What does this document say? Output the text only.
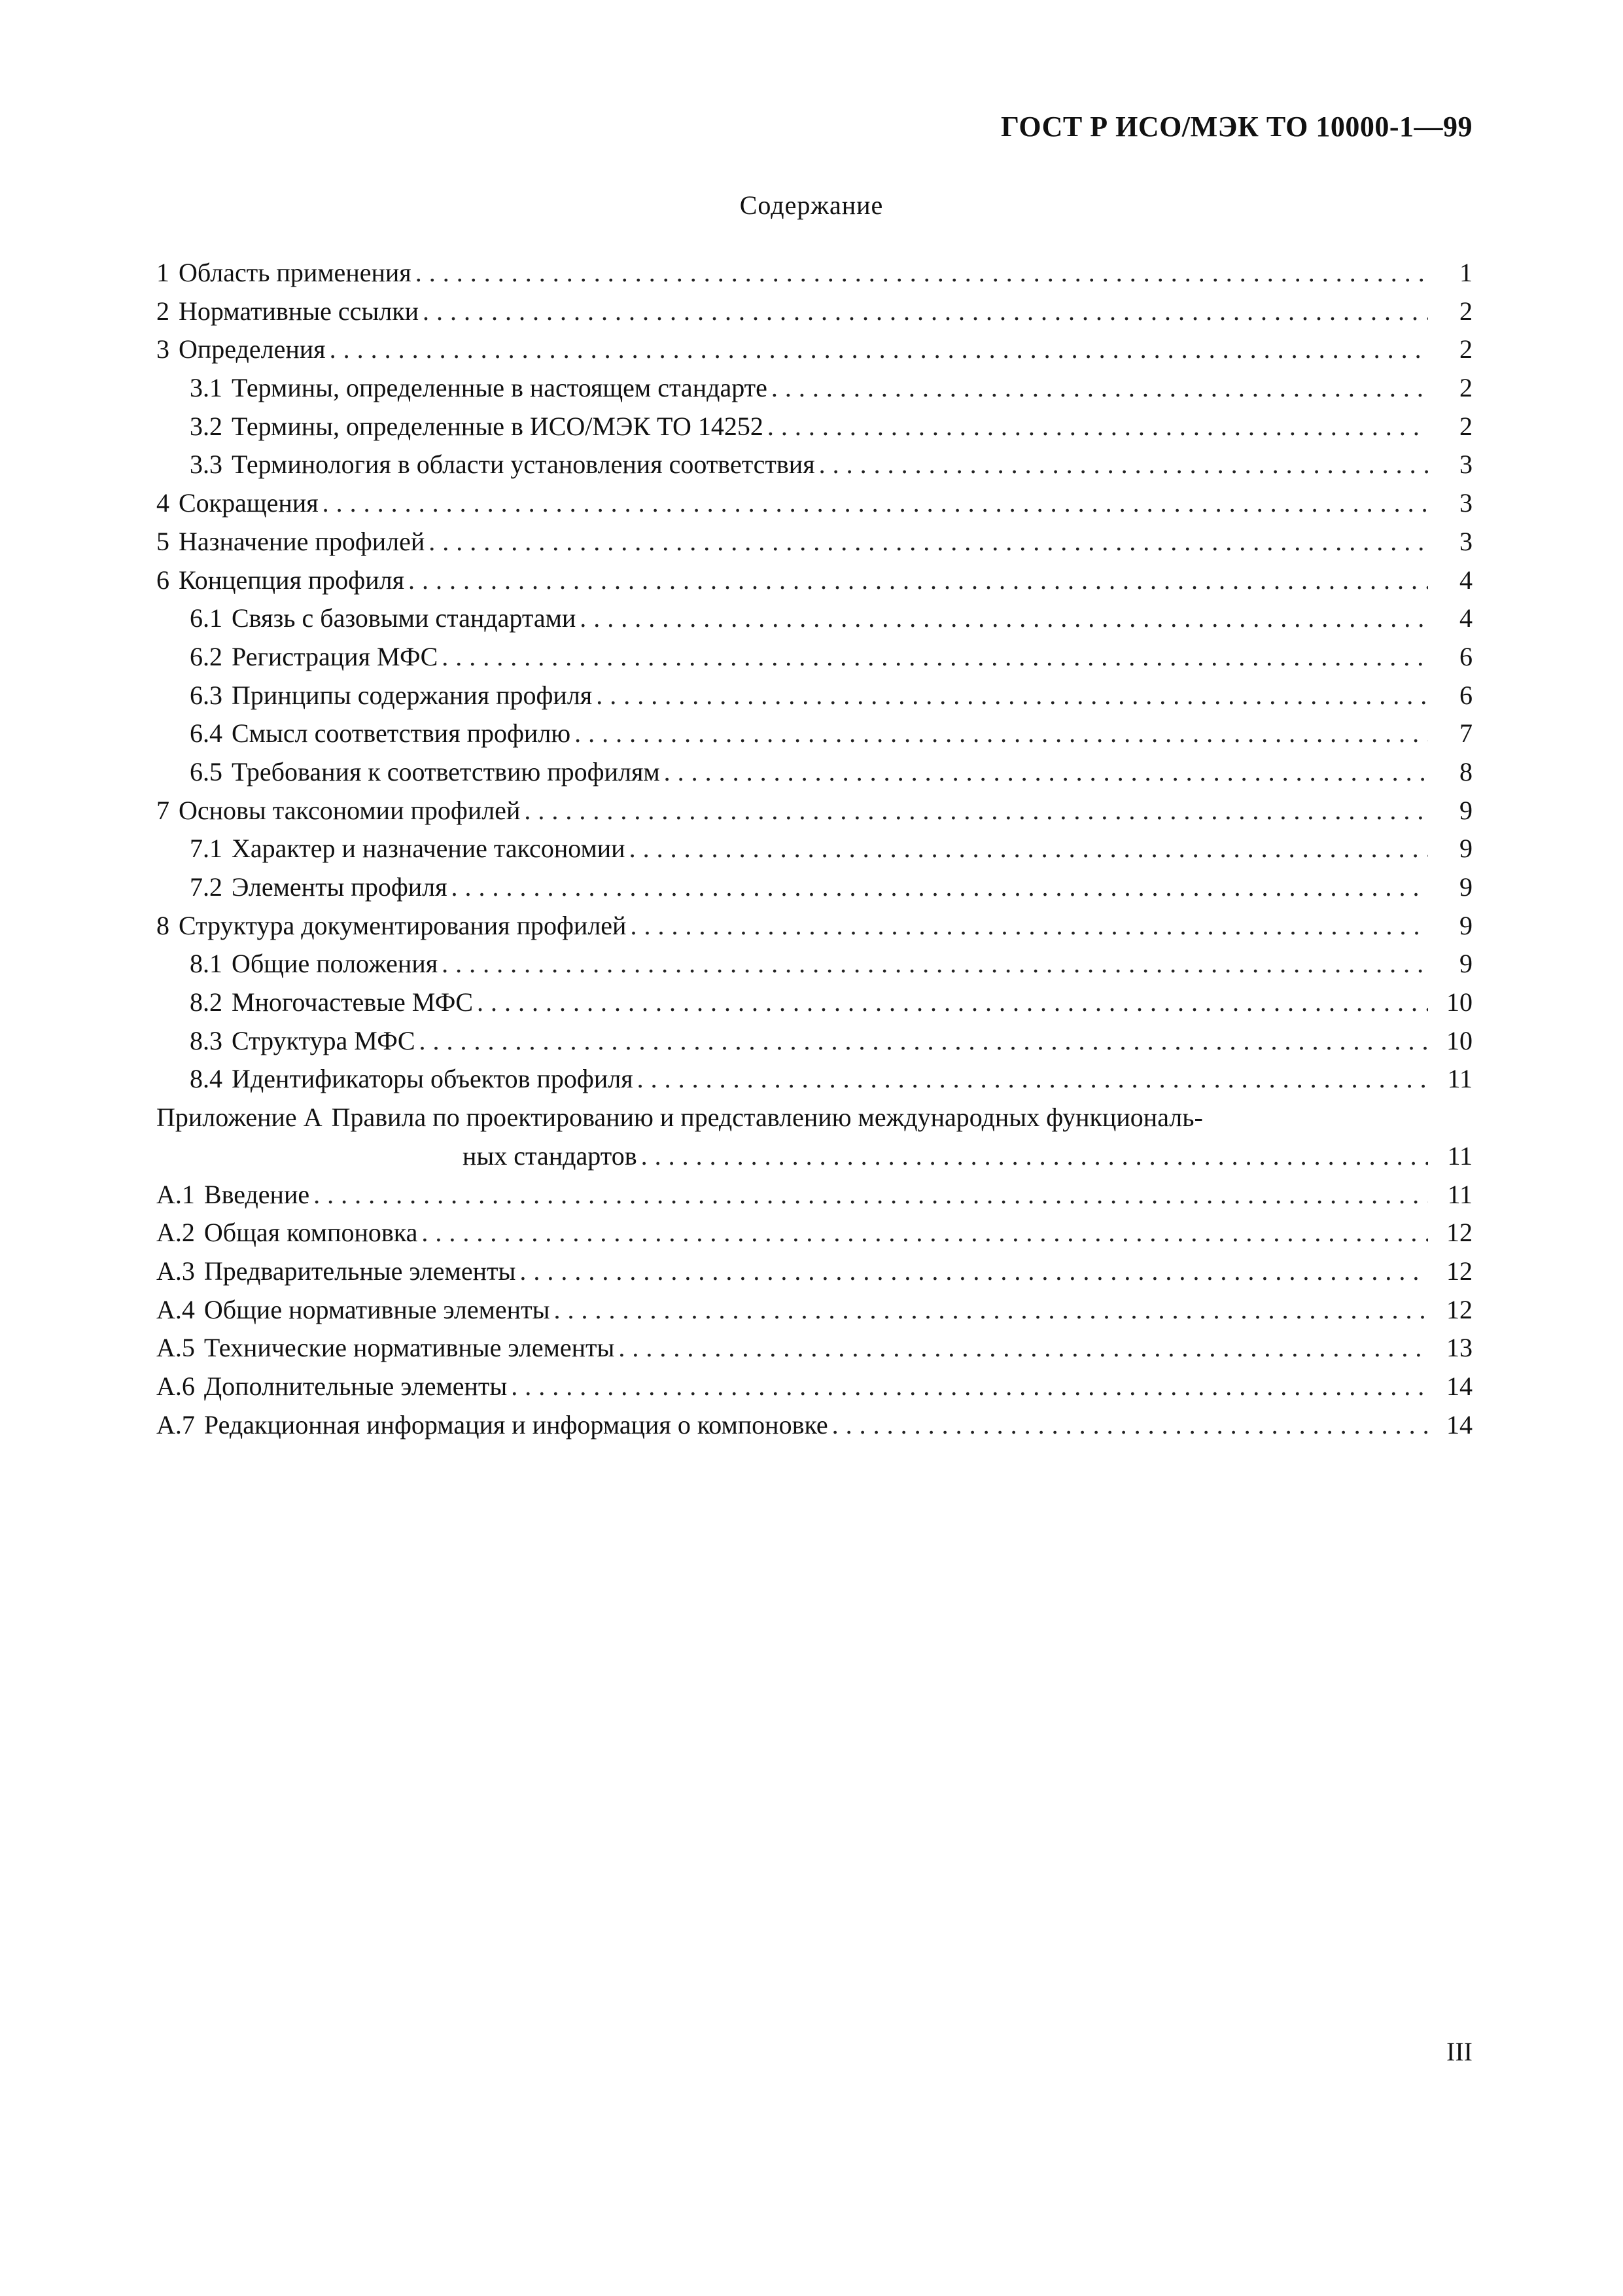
ГОСТ Р ИСО/МЭК ТО 10000-1—99
Содержание
1 Область применения .....	1
2 Нормативные ссылки .....	2
3 Определения .....	2
3.1 Термины, определенные в настоящем стандарте .....	2
3.2 Термины, определенные в ИСО/МЭК ТО 14252 .....	2
3.3 Терминология в области установления соответствия .....	3
4 Сокращения .....	3
5 Назначение профилей .....	3
6 Концепция профиля .....	4
6.1 Связь с базовыми стандартами .....	4
6.2 Регистрация МФС .....	6
6.3 Принципы содержания профиля .....	6
6.4 Смысл соответствия профилю .....	7
6.5 Требования к соответствию профилям .....	8
7 Основы таксономии профилей .....	9
7.1 Характер и назначение таксономии .....	9
7.2 Элементы профиля .....	9
8 Структура документирования профилей .....	9
8.1 Общие положения .....	9
8.2 Многочастевые МФС .....	10
8.3 Структура МФС .....	10
8.4 Идентификаторы объектов профиля .....	11
Приложение А Правила по проектированию и представлению международных функциональ-
ных стандартов .....	11
А.1 Введение .....	11
А.2 Общая компоновка .....	12
А.3 Предварительные элементы .....	12
А.4 Общие нормативные элементы .....	12
А.5 Технические нормативные элементы .....	13
А.6 Дополнительные элементы .....	14
А.7 Редакционная информация и информация о компоновке .....	14
III
